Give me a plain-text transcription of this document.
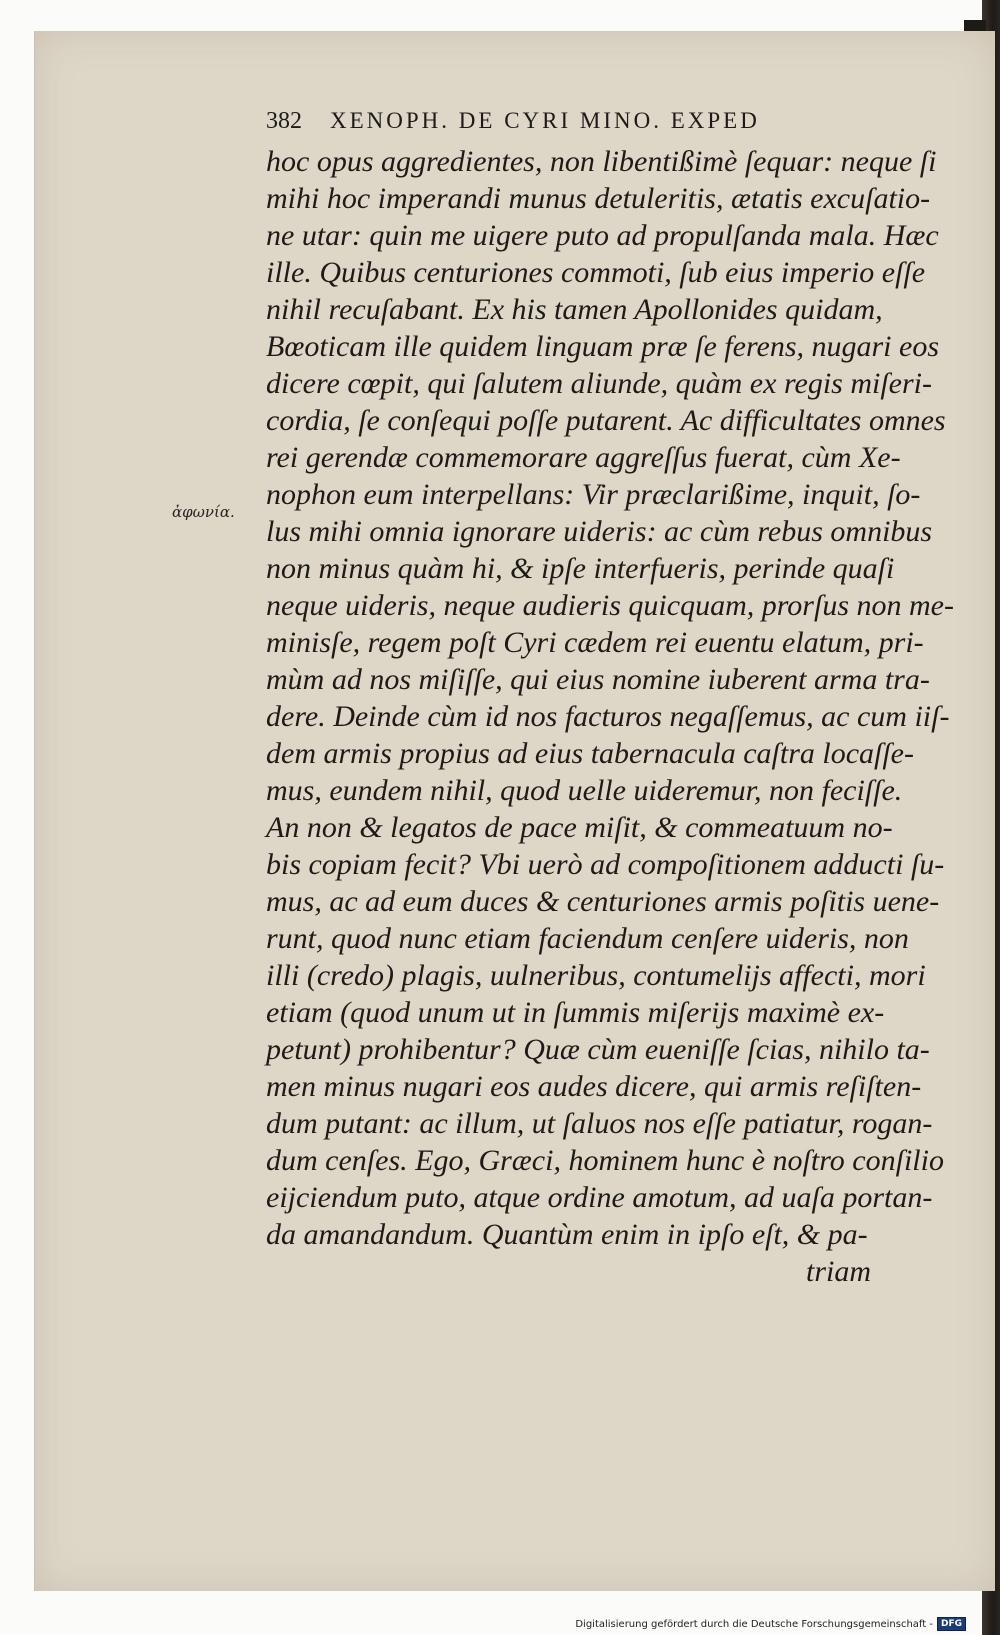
382	XENOPH. DE CYRI MINO. EXPED
ἀφωνία.
hoc opus aggredientes, non libentißimè ſequar: neque ſi
mihi hoc imperandi munus detuleritis, ætatis excuſatio-
ne utar: quin me uigere puto ad propulſanda mala. Hæc
ille. Quibus centuriones commoti, ſub eius imperio eſſe
nihil recuſabant. Ex his tamen Apollonides quidam,
Bœoticam ille quidem linguam præ ſe ferens, nugari eos
dicere cœpit, qui ſalutem aliunde, quàm ex regis miſeri-
cordia, ſe conſequi poſſe putarent. Ac difficultates omnes
rei gerendæ commemorare aggreſſus fuerat, cùm Xe-
nophon eum interpellans: Vir præclarißime, inquit, ſo-
lus mihi omnia ignorare uideris: ac cùm rebus omnibus
non minus quàm hi, & ipſe interfueris, perinde quaſi
neque uideris, neque audieris quicquam, prorſus non me-
minisſe, regem poſt Cyri cædem rei euentu elatum, pri-
mùm ad nos miſiſſe, qui eius nomine iuberent arma tra-
dere. Deinde cùm id nos facturos negaſſemus, ac cum iiſ-
dem armis propius ad eius tabernacula caſtra locaſſe-
mus, eundem nihil, quod uelle uideremur, non feciſſe.
An non & legatos de pace miſit, & commeatuum no-
bis copiam fecit? Vbi uerò ad compoſitionem adducti ſu-
mus, ac ad eum duces & centuriones armis poſitis uene-
runt, quod nunc etiam faciendum cenſere uideris, non
illi (credo) plagis, uulneribus, contumelijs affecti, mori
etiam (quod unum ut in ſummis miſerijs maximè ex-
petunt) prohibentur? Quæ cùm eueniſſe ſcias, nihilo ta-
men minus nugari eos audes dicere, qui armis reſiſten-
dum putant: ac illum, ut ſaluos nos eſſe patiatur, rogan-
dum cenſes. Ego, Græci, hominem hunc è noſtro conſilio
eijciendum puto, atque ordine amotum, ad uaſa portan-
da amandandum. Quantùm enim in ipſo eſt, & pa-
triam
Digitalisierung gefördert durch die Deutsche Forschungsgemeinschaft - DFG
